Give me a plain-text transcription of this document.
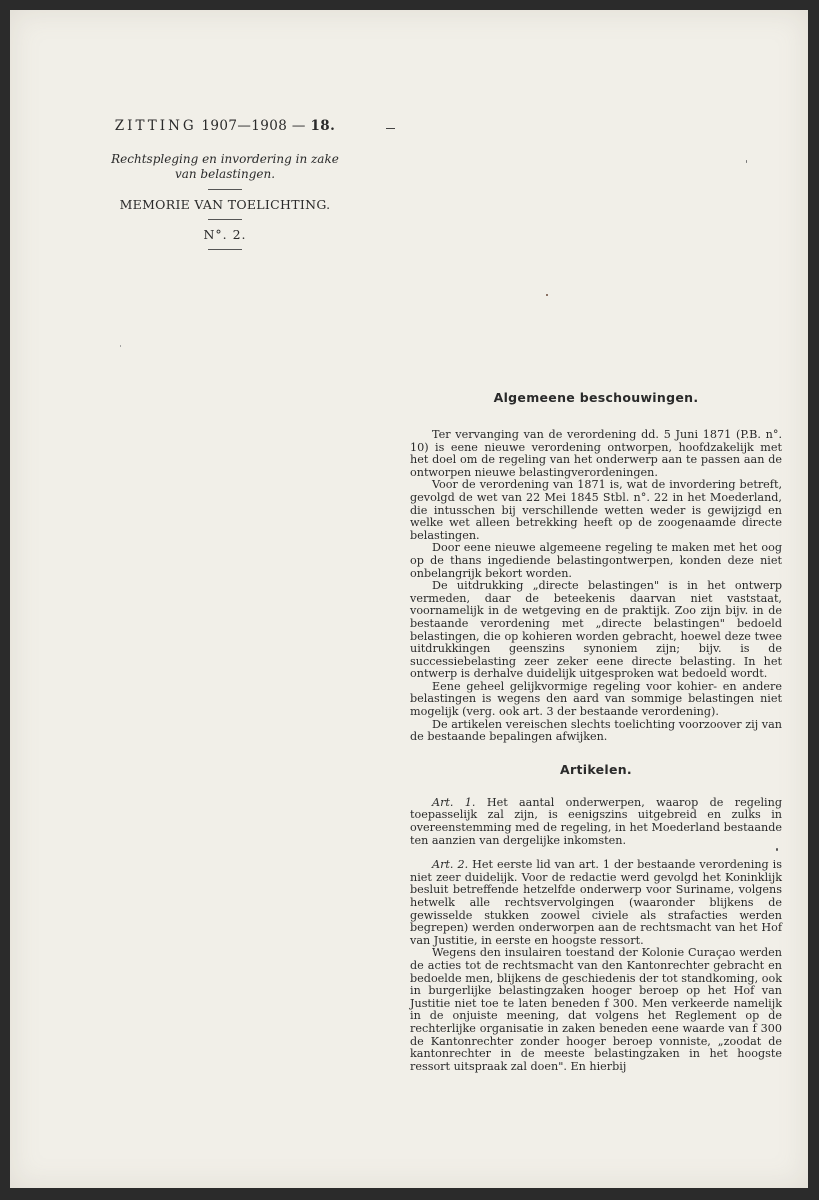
ZITTING 1907—1908 — 18.

Rechtspleging en invordering in zake van belastingen.

MEMORIE VAN TOELICHTING.

N°. 2.

Algemeene beschouwingen.

Ter vervanging van de verordening dd. 5 Juni 1871 (P.B. n°. 10) is eene nieuwe verordening ontworpen, hoofdzakelijk met het doel om de regeling van het onderwerp aan te passen aan de ontworpen nieuwe belastingverordeningen.

Voor de verordening van 1871 is, wat de invordering betreft, gevolgd de wet van 22 Mei 1845 Stbl. n°. 22 in het Moederland, die intusschen bij verschillende wetten weder is gewijzigd en welke wet alleen betrekking heeft op de zoogenaamde directe belastingen.

Door eene nieuwe algemeene regeling te maken met het oog op de thans ingediende belastingontwerpen, konden deze niet onbelangrijk bekort worden.

De uitdrukking „directe belastingen" is in het ontwerp vermeden, daar de beteekenis daarvan niet vaststaat, voornamelijk in de wetgeving en de praktijk. Zoo zijn bijv. in de bestaande verordening met „directe belastingen" bedoeld belastingen, die op kohieren worden gebracht, hoewel deze twee uitdrukkingen geenszins synoniem zijn; bijv. is de successiebelasting zeer zeker eene directe belasting. In het ontwerp is derhalve duidelijk uitgesproken wat bedoeld wordt.

Eene geheel gelijkvormige regeling voor kohier- en andere belastingen is wegens den aard van sommige belastingen niet mogelijk (verg. ook art. 3 der bestaande verordening).

De artikelen vereischen slechts toelichting voorzoover zij van de bestaande bepalingen afwijken.

Artikelen.

Art. 1. Het aantal onderwerpen, waarop de regeling toepasselijk zal zijn, is eenigszins uitgebreid en zulks in overeenstemming med de regeling, in het Moederland bestaande ten aanzien van dergelijke inkomsten.

Art. 2. Het eerste lid van art. 1 der bestaande verordening is niet zeer duidelijk. Voor de redactie werd gevolgd het Koninklijk besluit betreffende hetzelfde onderwerp voor Suriname, volgens hetwelk alle rechtsvervolgingen (waaronder blijkens de gewisselde stukken zoowel civiele als strafacties werden begrepen) werden onderworpen aan de rechtsmacht van het Hof van Justitie, in eerste en hoogste ressort.

Wegens den insulairen toestand der Kolonie Curaçao werden de acties tot de rechtsmacht van den Kantonrechter gebracht en bedoelde men, blijkens de geschiedenis der tot standkoming, ook in burgerlijke belastingzaken hooger beroep op het Hof van Justitie niet toe te laten beneden f 300. Men verkeerde namelijk in de onjuiste meening, dat volgens het Reglement op de rechterlijke organisatie in zaken beneden eene waarde van f 300 de Kantonrechter zonder hooger beroep vonniste, „zoodat de kantonrechter in de meeste belastingzaken in het hoogste ressort uitspraak zal doen". En hierbij
